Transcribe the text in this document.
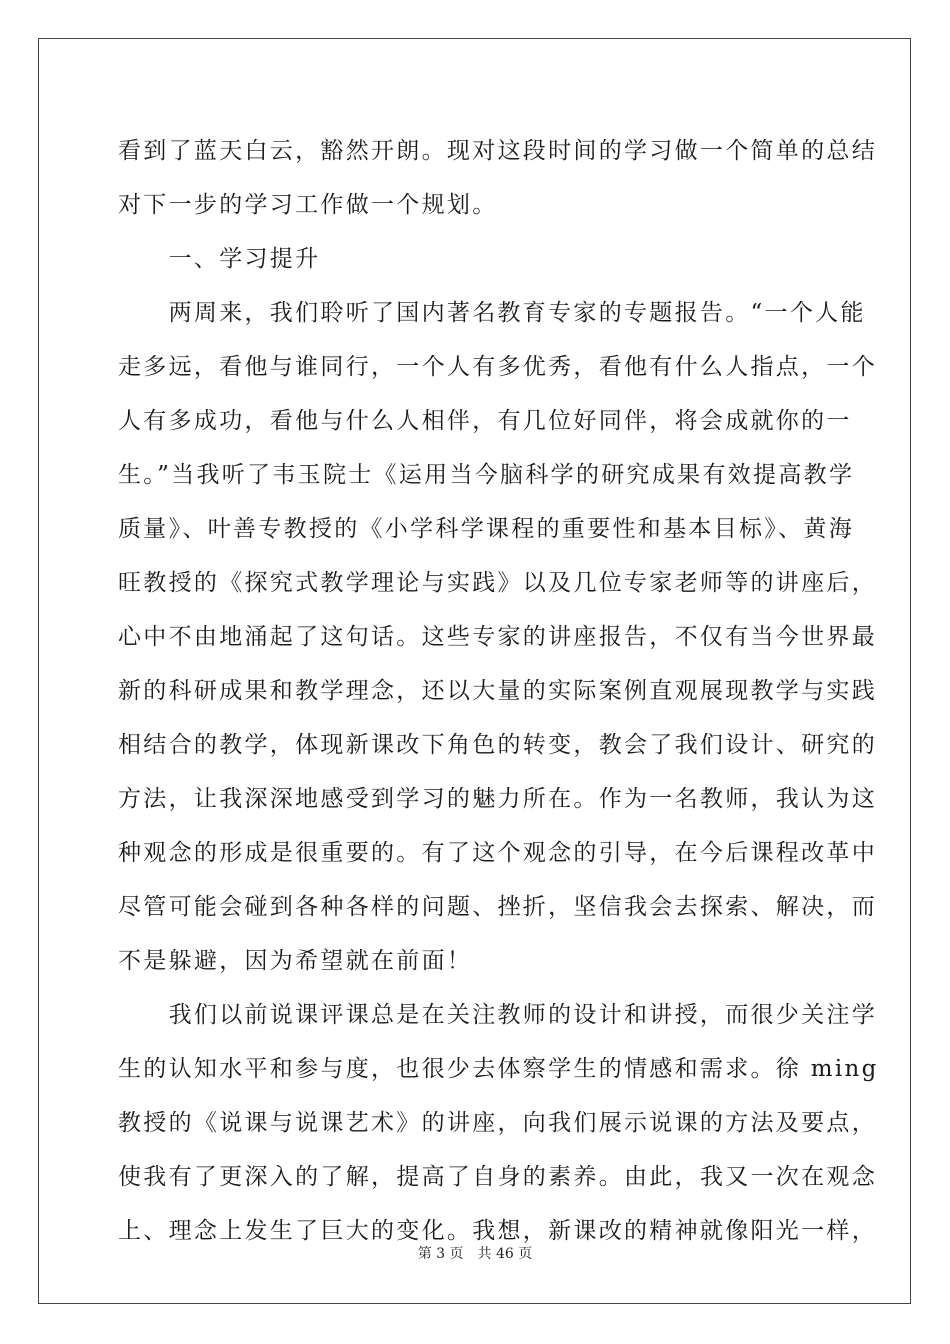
看到了蓝天白云，豁然开朗。现对这段时间的学习做一个简单的总结
对下一步的学习工作做一个规划。
　　一、学习提升
　　两周来，我们聆听了国内著名教育专家的专题报告。“一个人能
走多远，看他与谁同行，一个人有多优秀，看他有什么人指点，一个
人有多成功，看他与什么人相伴，有几位好同伴，将会成就你的一
生。”当我听了韦玉院士《运用当今脑科学的研究成果有效提高教学
质量》、叶善专教授的《小学科学课程的重要性和基本目标》、黄海
旺教授的《探究式教学理论与实践》以及几位专家老师等的讲座后，
心中不由地涌起了这句话。这些专家的讲座报告，不仅有当今世界最
新的科研成果和教学理念，还以大量的实际案例直观展现教学与实践
相结合的教学，体现新课改下角色的转变，教会了我们设计、研究的
方法，让我深深地感受到学习的魅力所在。作为一名教师，我认为这
种观念的形成是很重要的。有了这个观念的引导，在今后课程改革中
尽管可能会碰到各种各样的问题、挫折，坚信我会去探索、解决，而
不是躲避，因为希望就在前面！
　　我们以前说课评课总是在关注教师的设计和讲授，而很少关注学
生的认知水平和参与度，也很少去体察学生的情感和需求。徐 ming
教授的《说课与说课艺术》的讲座，向我们展示说课的方法及要点，
使我有了更深入的了解，提高了自身的素养。由此，我又一次在观念
上、理念上发生了巨大的变化。我想，新课改的精神就像阳光一样，
第 3 页 共 46 页
